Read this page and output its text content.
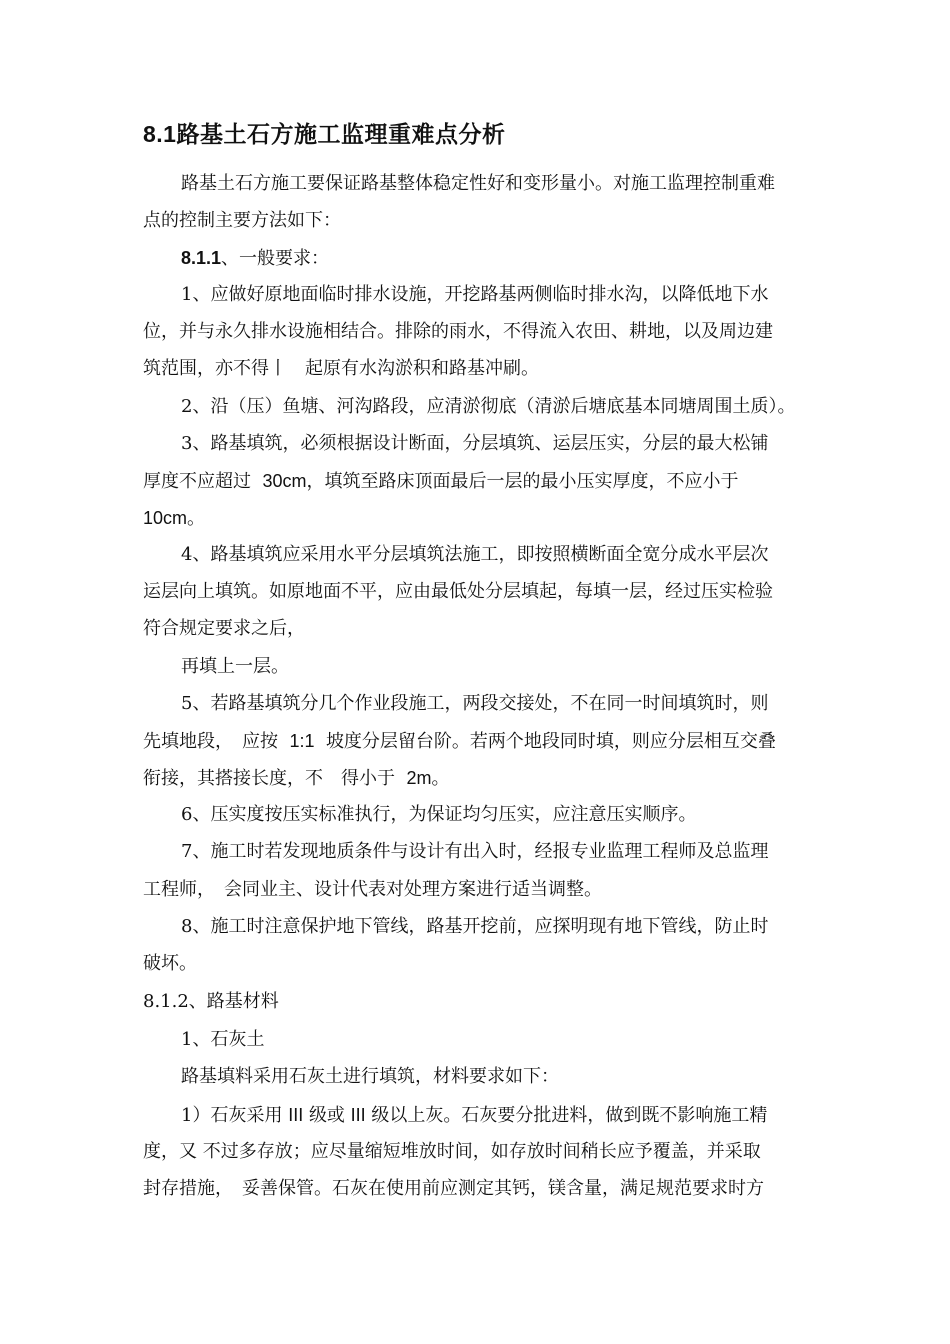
8.1路基土石方施工监理重难点分析
路基土石方施工要保证路基整体稳定性好和变形量小。对施工监理控制重难
点的控制主要方法如下：
8.1.1、一般要求：
1、应做好原地面临时排水设施，开挖路基两侧临时排水沟，以降低地下水
位，并与永久排水设施相结合。排除的雨水，不得流入农田、耕地，以及周边建
筑范围，亦不得丨　起原有水沟淤积和路基冲刷。
2、沿（压）鱼塘、河沟路段，应清淤彻底（清淤后塘底基本同塘周围土质）。
3、路基填筑，必须根据设计断面，分层填筑、运层压实，分层的最大松铺
厚度不应超过 30cm，填筑至路床顶面最后一层的最小压实厚度，不应小于
10cm。
4、路基填筑应采用水平分层填筑法施工，即按照横断面全宽分成水平层次
运层向上填筑。如原地面不平，应由最低处分层填起，每填一层，经过压实检验
符合规定要求之后，
再填上一层。
5、若路基填筑分几个作业段施工，两段交接处，不在同一时间填筑时，则
先填地段，　应按 1:1 坡度分层留台阶。若两个地段同时填，则应分层相互交叠
衔接，其搭接长度，不　得小于 2m。
6、压实度按压实标准执行，为保证均匀压实，应注意压实顺序。
7、施工时若发现地质条件与设计有出入时，经报专业监理工程师及总监理
工程师，　会同业主、设计代表对处理方案进行适当调整。
8、施工时注意保护地下管线，路基开挖前，应探明现有地下管线，防止时
破坏。
8.1.2、路基材料
1、石灰土
路基填料采用石灰土进行填筑，材料要求如下：
1）石灰采用 III 级或 III 级以上灰。石灰要分批进料，做到既不影响施工精
度，又 不过多存放；应尽量缩短堆放时间，如存放时间稍长应予覆盖，并采取
封存措施，　妥善保管。石灰在使用前应测定其钙，镁含量，满足规范要求时方
